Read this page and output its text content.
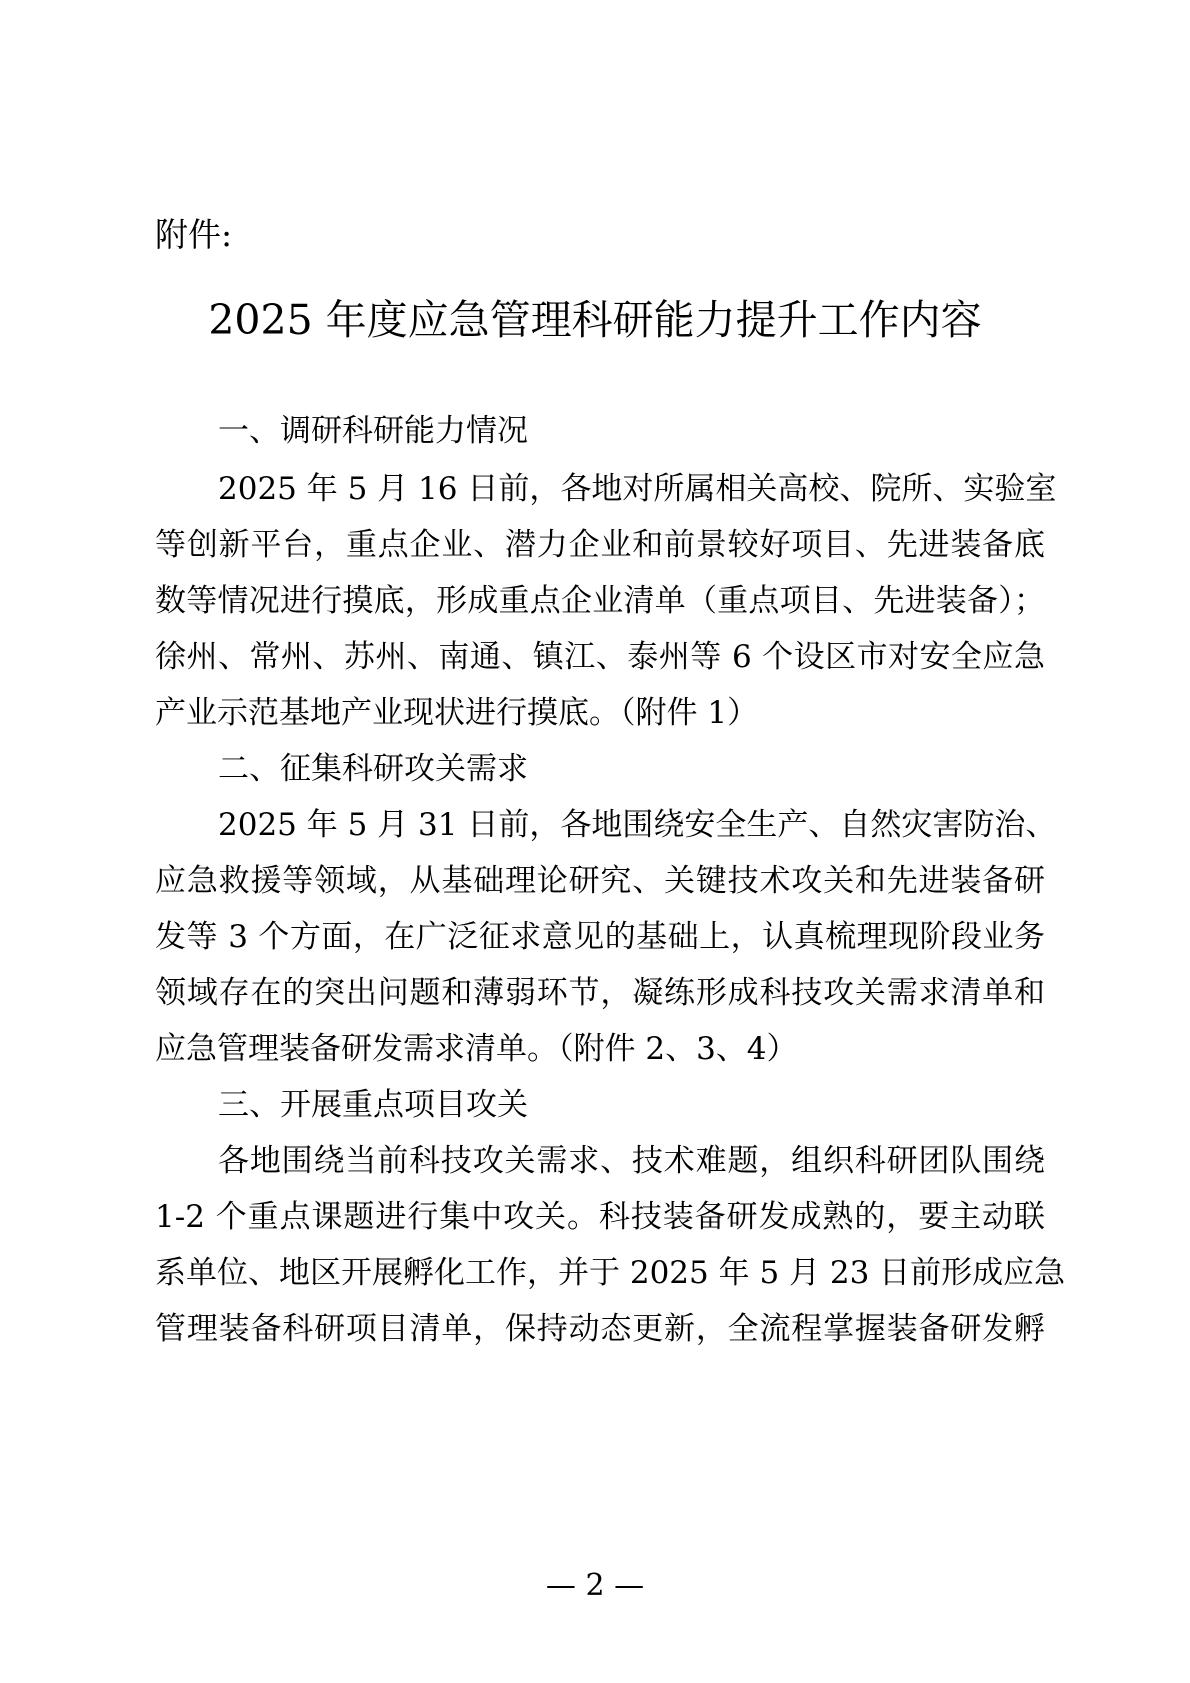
附件:
2025 年度应急管理科研能力提升工作内容
一、调研科研能力情况
2025 年 5 月 16 日前，各地对所属相关高校、院所、实验室
等创新平台，重点企业、潜力企业和前景较好项目、先进装备底
数等情况进行摸底，形成重点企业清单（重点项目、先进装备）；
徐州、常州、苏州、南通、镇江、泰州等 6 个设区市对安全应急
产业示范基地产业现状进行摸底。（附件 1）
二、征集科研攻关需求
2025 年 5 月 31 日前，各地围绕安全生产、自然灾害防治、
应急救援等领域，从基础理论研究、关键技术攻关和先进装备研
发等 3 个方面，在广泛征求意见的基础上，认真梳理现阶段业务
领域存在的突出问题和薄弱环节，凝练形成科技攻关需求清单和
应急管理装备研发需求清单。（附件 2、3、4）
三、开展重点项目攻关
各地围绕当前科技攻关需求、技术难题，组织科研团队围绕
1-2 个重点课题进行集中攻关。科技装备研发成熟的，要主动联
系单位、地区开展孵化工作，并于 2025 年 5 月 23 日前形成应急
管理装备科研项目清单，保持动态更新，全流程掌握装备研发孵
— 2 —
